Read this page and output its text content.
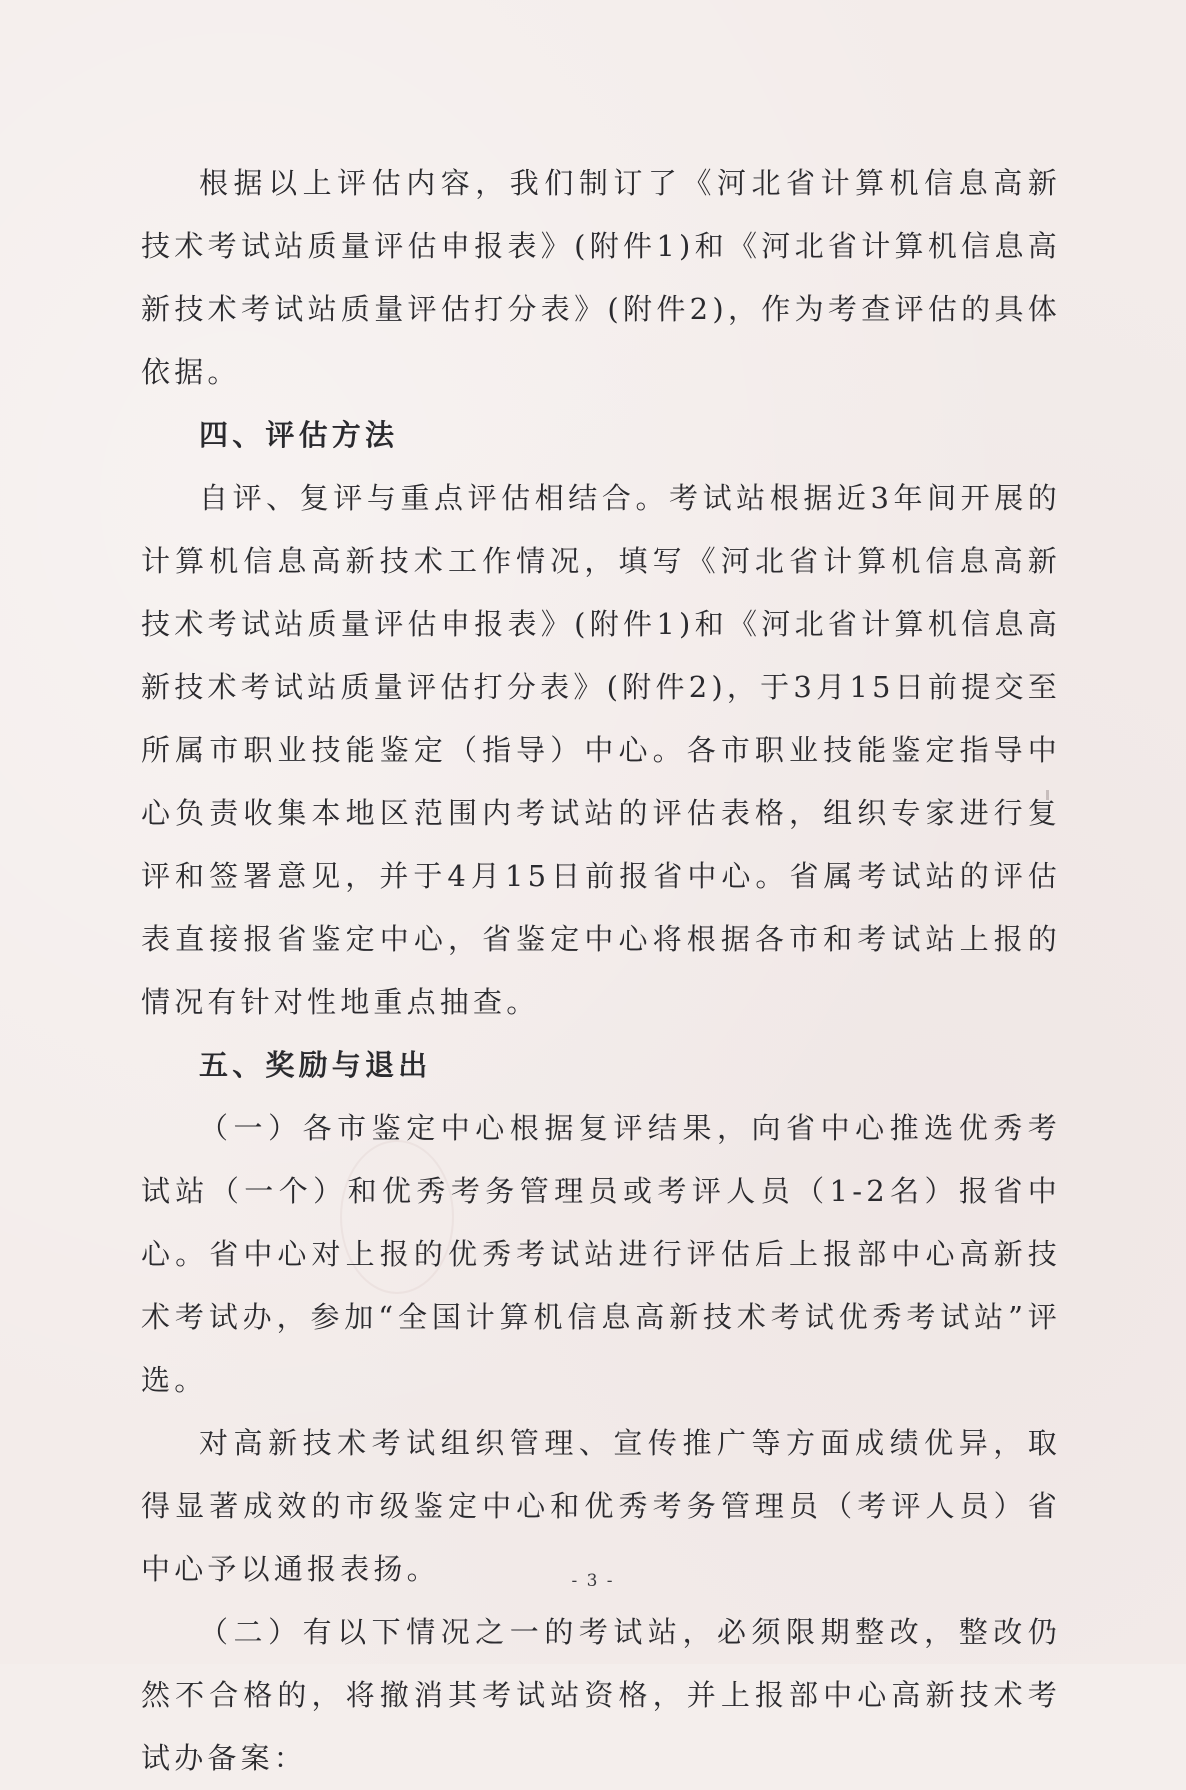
根据以上评估内容，我们制订了《河北省计算机信息高新技术考试站质量评估申报表》(附件1)和《河北省计算机信息高新技术考试站质量评估打分表》(附件2)，作为考查评估的具体依据。

四、评估方法

自评、复评与重点评估相结合。考试站根据近3年间开展的计算机信息高新技术工作情况，填写《河北省计算机信息高新技术考试站质量评估申报表》(附件1)和《河北省计算机信息高新技术考试站质量评估打分表》(附件2)，于3月15日前提交至所属市职业技能鉴定（指导）中心。各市职业技能鉴定指导中心负责收集本地区范围内考试站的评估表格，组织专家进行复评和签署意见，并于4月15日前报省中心。省属考试站的评估表直接报省鉴定中心，省鉴定中心将根据各市和考试站上报的情况有针对性地重点抽查。

五、奖励与退出

（一）各市鉴定中心根据复评结果，向省中心推选优秀考试站（一个）和优秀考务管理员或考评人员（1-2名）报省中心。省中心对上报的优秀考试站进行评估后上报部中心高新技术考试办，参加“全国计算机信息高新技术考试优秀考试站”评选。

对高新技术考试组织管理、宣传推广等方面成绩优异，取得显著成效的市级鉴定中心和优秀考务管理员（考评人员）省中心予以通报表扬。

（二）有以下情况之一的考试站，必须限期整改，整改仍然不合格的，将撤消其考试站资格，并上报部中心高新技术考试办备案：

- 3 -
